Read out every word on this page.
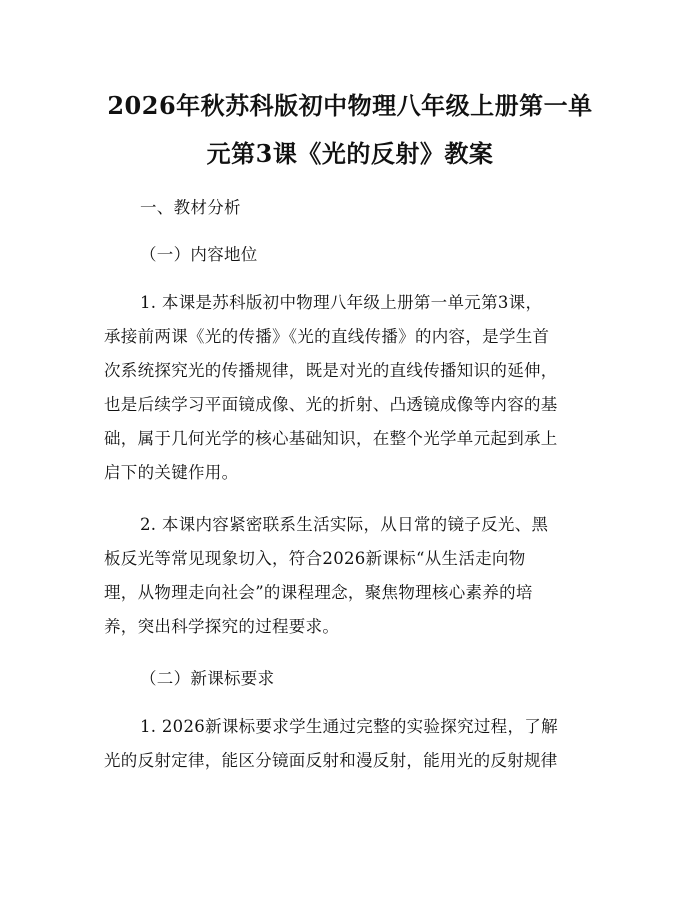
2026年秋苏科版初中物理八年级上册第一单
元第3课《光的反射》教案
一、教材分析
（一）内容地位
1. 本课是苏科版初中物理八年级上册第一单元第3课，
承接前两课《光的传播》《光的直线传播》的内容，是学生首
次系统探究光的传播规律，既是对光的直线传播知识的延伸，
也是后续学习平面镜成像、光的折射、凸透镜成像等内容的基
础，属于几何光学的核心基础知识，在整个光学单元起到承上
启下的关键作用。
2. 本课内容紧密联系生活实际，从日常的镜子反光、黑
板反光等常见现象切入，符合2026新课标“从生活走向物
理，从物理走向社会”的课程理念，聚焦物理核心素养的培
养，突出科学探究的过程要求。
（二）新课标要求
1. 2026新课标要求学生通过完整的实验探究过程，了解
光的反射定律，能区分镜面反射和漫反射，能用光的反射规律
